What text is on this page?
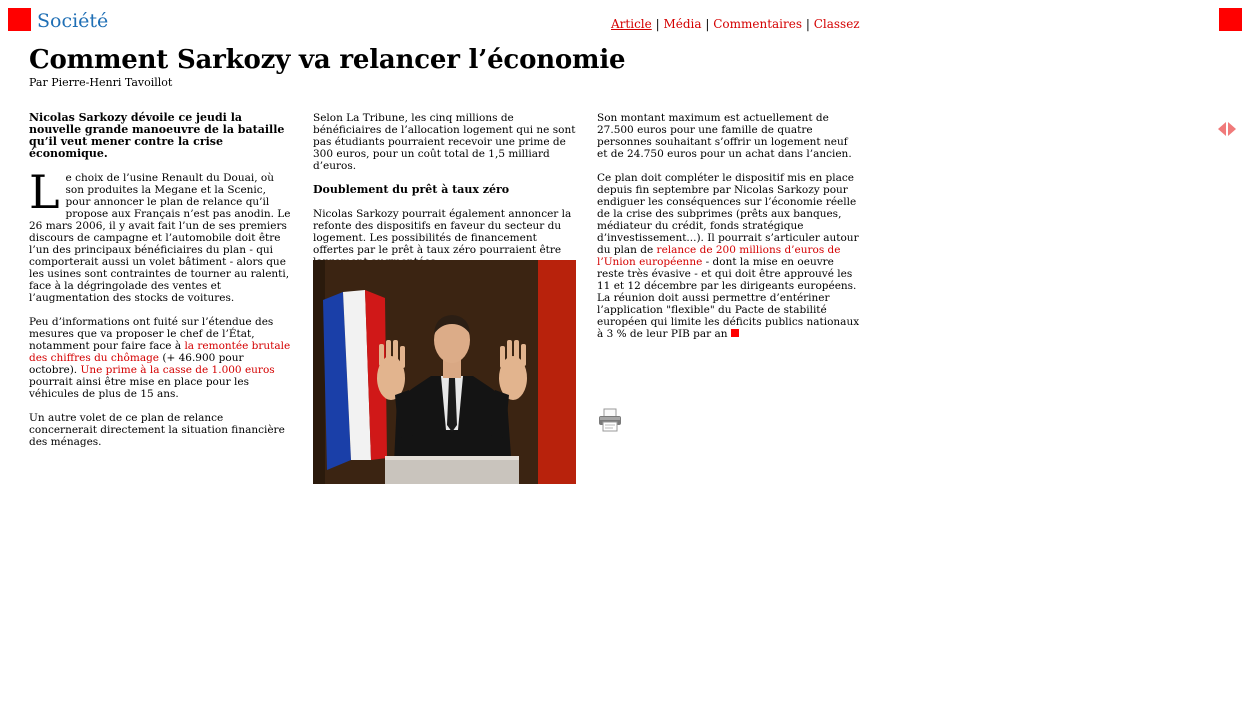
Société	Article | Média | Commentaires | Classez
Comment Sarkozy va relancer l’économie
Par Pierre-Henri Tavoillot

Nicolas Sarkozy dévoile ce jeudi la nouvelle grande manoeuvre de la bataille qu’il veut mener contre la crise économique.

Le choix de l’usine Renault du Douai, où son produites la Megane et la Scenic, pour annoncer le plan de relance qu’il propose aux Français n’est pas anodin. Le 26 mars 2006, il y avait fait l’un de ses premiers discours de campagne et l’automobile doit être l’un des principaux bénéficiaires du plan - qui comporterait aussi un volet bâtiment - alors que les usines sont contraintes de tourner au ralenti, face à la dégringolade des ventes et l’augmentation des stocks de voitures.

Peu d’informations ont fuité sur l’étendue des mesures que va proposer le chef de l’État, notamment pour faire face à la remontée brutale des chiffres du chômage (+ 46.900 pour octobre). Une prime à la casse de 1.000 euros pourrait ainsi être mise en place pour les véhicules de plus de 15 ans.

Un autre volet de ce plan de relance concernerait directement la situation financière des ménages.

Selon La Tribune, les cinq millions de bénéficiaires de l’allocation logement qui ne sont pas étudiants pourraient recevoir une prime de 300 euros, pour un coût total de 1,5 milliard d’euros.

Doublement du prêt à taux zéro

Nicolas Sarkozy pourrait également annoncer la refonte des dispositifs en faveur du secteur du logement. Les possibilités de financement offertes par le prêt à taux zéro pourraient être

Son montant maximum est actuellement de 27.500 euros pour une famille de quatre personnes souhaitant s’offrir un logement neuf et de 24.750 euros pour un achat dans l’ancien.

Ce plan doit compléter le dispositif mis en place depuis fin septembre par Nicolas Sarkozy pour endiguer les conséquences sur l’économie réelle de la crise des subprimes (prêts aux banques, médiateur du crédit, fonds stratégique d’investissement...). Il pourrait s’articuler autour du plan de relance de 200 millions d’euros de l’Union européenne - dont la mise en oeuvre reste très évasive - et qui doit être approuvé les 11 et 12 décembre par les dirigeants européens. La réunion doit aussi permettre d’entériner l’application "flexible" du Pacte de stabilité européen qui limite les déficits publics nationaux à 3 % de leur PIB par an
